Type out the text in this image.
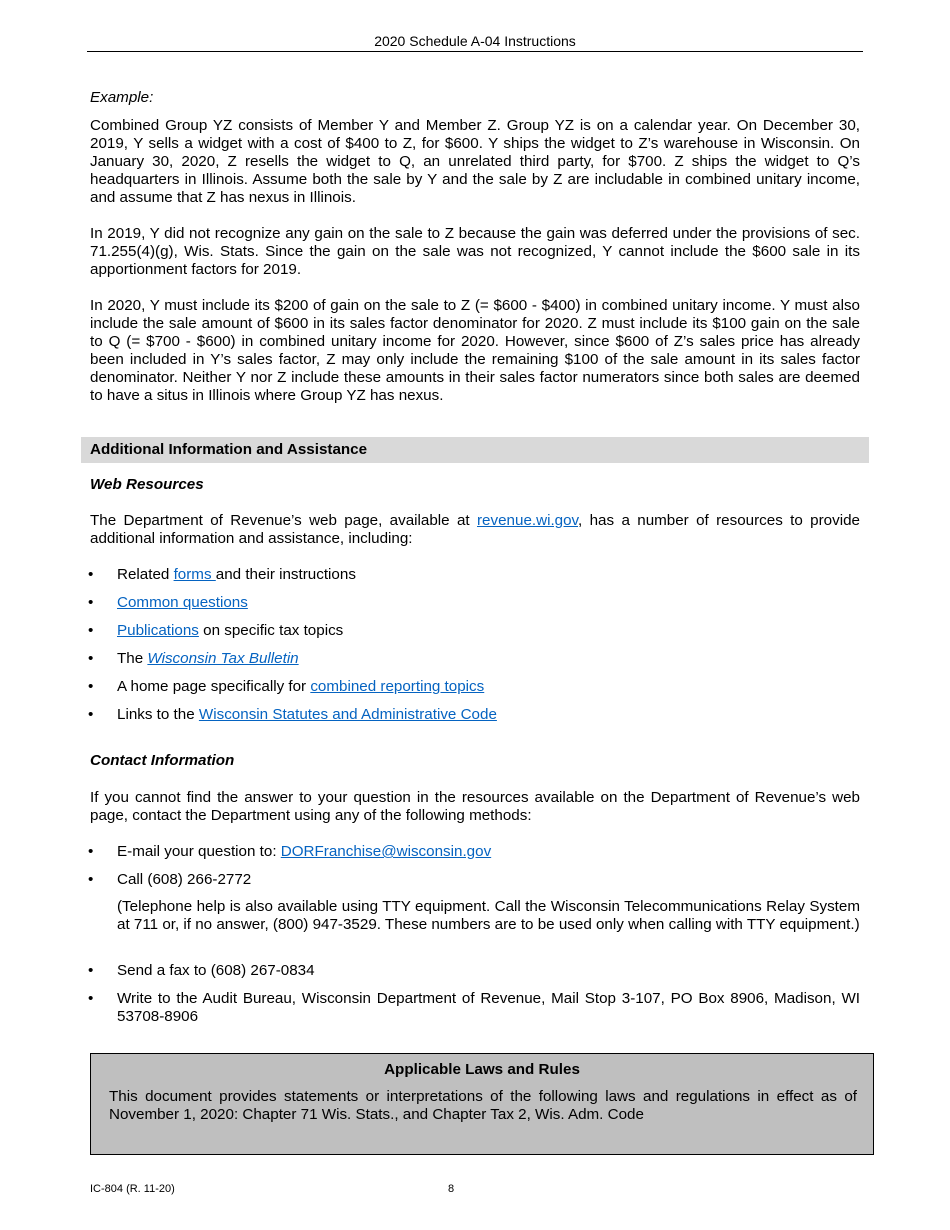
2020 Schedule A-04 Instructions
Example:
Combined Group YZ consists of Member Y and Member Z. Group YZ is on a calendar year. On December 30, 2019, Y sells a widget with a cost of $400 to Z, for $600. Y ships the widget to Z’s warehouse in Wisconsin. On January 30, 2020, Z resells the widget to Q, an unrelated third party, for $700. Z ships the widget to Q’s headquarters in Illinois. Assume both the sale by Y and the sale by Z are includable in combined unitary income, and assume that Z has nexus in Illinois.
In 2019, Y did not recognize any gain on the sale to Z because the gain was deferred under the provisions of sec. 71.255(4)(g), Wis. Stats. Since the gain on the sale was not recognized, Y cannot include the $600 sale in its apportionment factors for 2019.
In 2020, Y must include its $200 of gain on the sale to Z (= $600 - $400) in combined unitary income. Y must also include the sale amount of $600 in its sales factor denominator for 2020. Z must include its $100 gain on the sale to Q (= $700 - $600) in combined unitary income for 2020. However, since $600 of Z’s sales price has already been included in Y’s sales factor, Z may only include the remaining $100 of the sale amount in its sales factor denominator. Neither Y nor Z include these amounts in their sales factor numerators since both sales are deemed to have a situs in Illinois where Group YZ has nexus.
Additional Information and Assistance
Web Resources
The Department of Revenue’s web page, available at revenue.wi.gov, has a number of resources to provide additional information and assistance, including:
•	Related forms and their instructions
•	Common questions
•	Publications on specific tax topics
•	The Wisconsin Tax Bulletin
•	A home page specifically for combined reporting topics
•	Links to the Wisconsin Statutes and Administrative Code
Contact Information
If you cannot find the answer to your question in the resources available on the Department of Revenue’s web page, contact the Department using any of the following methods:
•	E-mail your question to: DORFranchise@wisconsin.gov
•	Call (608) 266-2772
(Telephone help is also available using TTY equipment. Call the Wisconsin Telecommunications Relay System at 711 or, if no answer, (800) 947-3529. These numbers are to be used only when calling with TTY equipment.)
•	Send a fax to (608) 267-0834
•	Write to the Audit Bureau, Wisconsin Department of Revenue, Mail Stop 3-107, PO Box 8906, Madison, WI 53708-8906
Applicable Laws and Rules
This document provides statements or interpretations of the following laws and regulations in effect as of November 1, 2020: Chapter 71 Wis. Stats., and Chapter Tax 2, Wis. Adm. Code
IC-804 (R. 11-20)	8
